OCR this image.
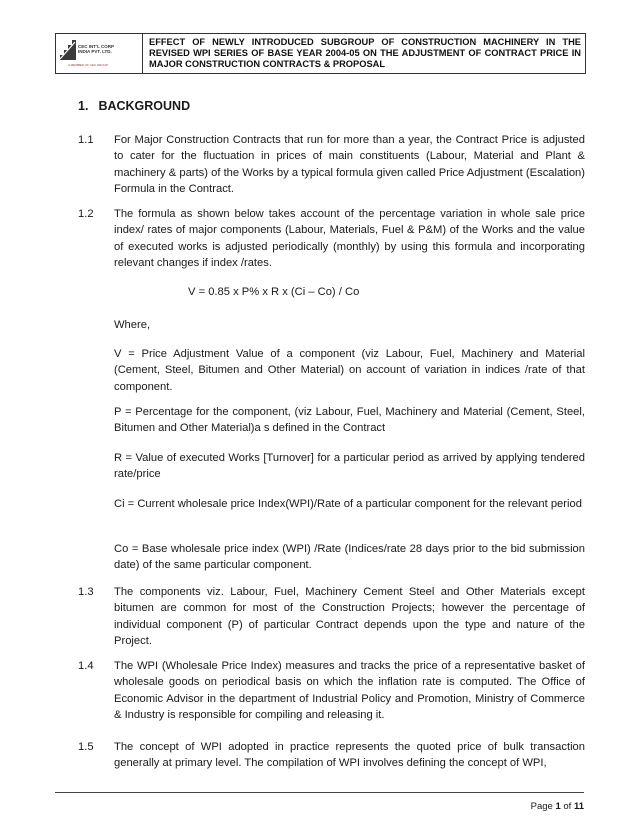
CEC INT'L CORP
INDIA PVT. LTD.
A MEMBER OF CEC GROUP
EFFECT OF NEWLY INTRODUCED SUBGROUP OF CONSTRUCTION MACHINERY IN THE REVISED WPI SERIES OF BASE YEAR 2004-05 ON THE ADJUSTMENT OF CONTRACT PRICE IN MAJOR CONSTRUCTION CONTRACTS & PROPOSAL
1. BACKGROUND
1.1 For Major Construction Contracts that run for more than a year, the Contract Price is adjusted to cater for the fluctuation in prices of main constituents (Labour, Material and Plant & machinery & parts) of the Works by a typical formula given called Price Adjustment (Escalation) Formula in the Contract.
1.2 The formula as shown below takes account of the percentage variation in whole sale price index/ rates of major components (Labour, Materials, Fuel & P&M) of the Works and the value of executed works is adjusted periodically (monthly) by using this formula and incorporating relevant changes if index /rates.
V = 0.85 x P% x R x (Ci – Co) / Co
Where,
V = Price Adjustment Value of a component (viz Labour, Fuel, Machinery and Material (Cement, Steel, Bitumen and Other Material) on account of variation in indices /rate of that component.
P = Percentage for the component, (viz Labour, Fuel, Machinery and Material (Cement, Steel, Bitumen and Other Material)a s defined in the Contract
R = Value of executed Works [Turnover] for a particular period as arrived by applying tendered rate/price
Ci = Current wholesale price Index(WPI)/Rate of a particular component for the relevant period
Co = Base wholesale price index (WPI) /Rate (Indices/rate 28 days prior to the bid submission date) of the same particular component.
1.3 The components viz. Labour, Fuel, Machinery Cement Steel and Other Materials except bitumen are common for most of the Construction Projects; however the percentage of individual component (P) of particular Contract depends upon the type and nature of the Project.
1.4 The WPI (Wholesale Price Index) measures and tracks the price of a representative basket of wholesale goods on periodical basis on which the inflation rate is computed. The Office of Economic Advisor in the department of Industrial Policy and Promotion, Ministry of Commerce & Industry is responsible for compiling and releasing it.
1.5 The concept of WPI adopted in practice represents the quoted price of bulk transaction generally at primary level. The compilation of WPI involves defining the concept of WPI,
Page 1 of 11
